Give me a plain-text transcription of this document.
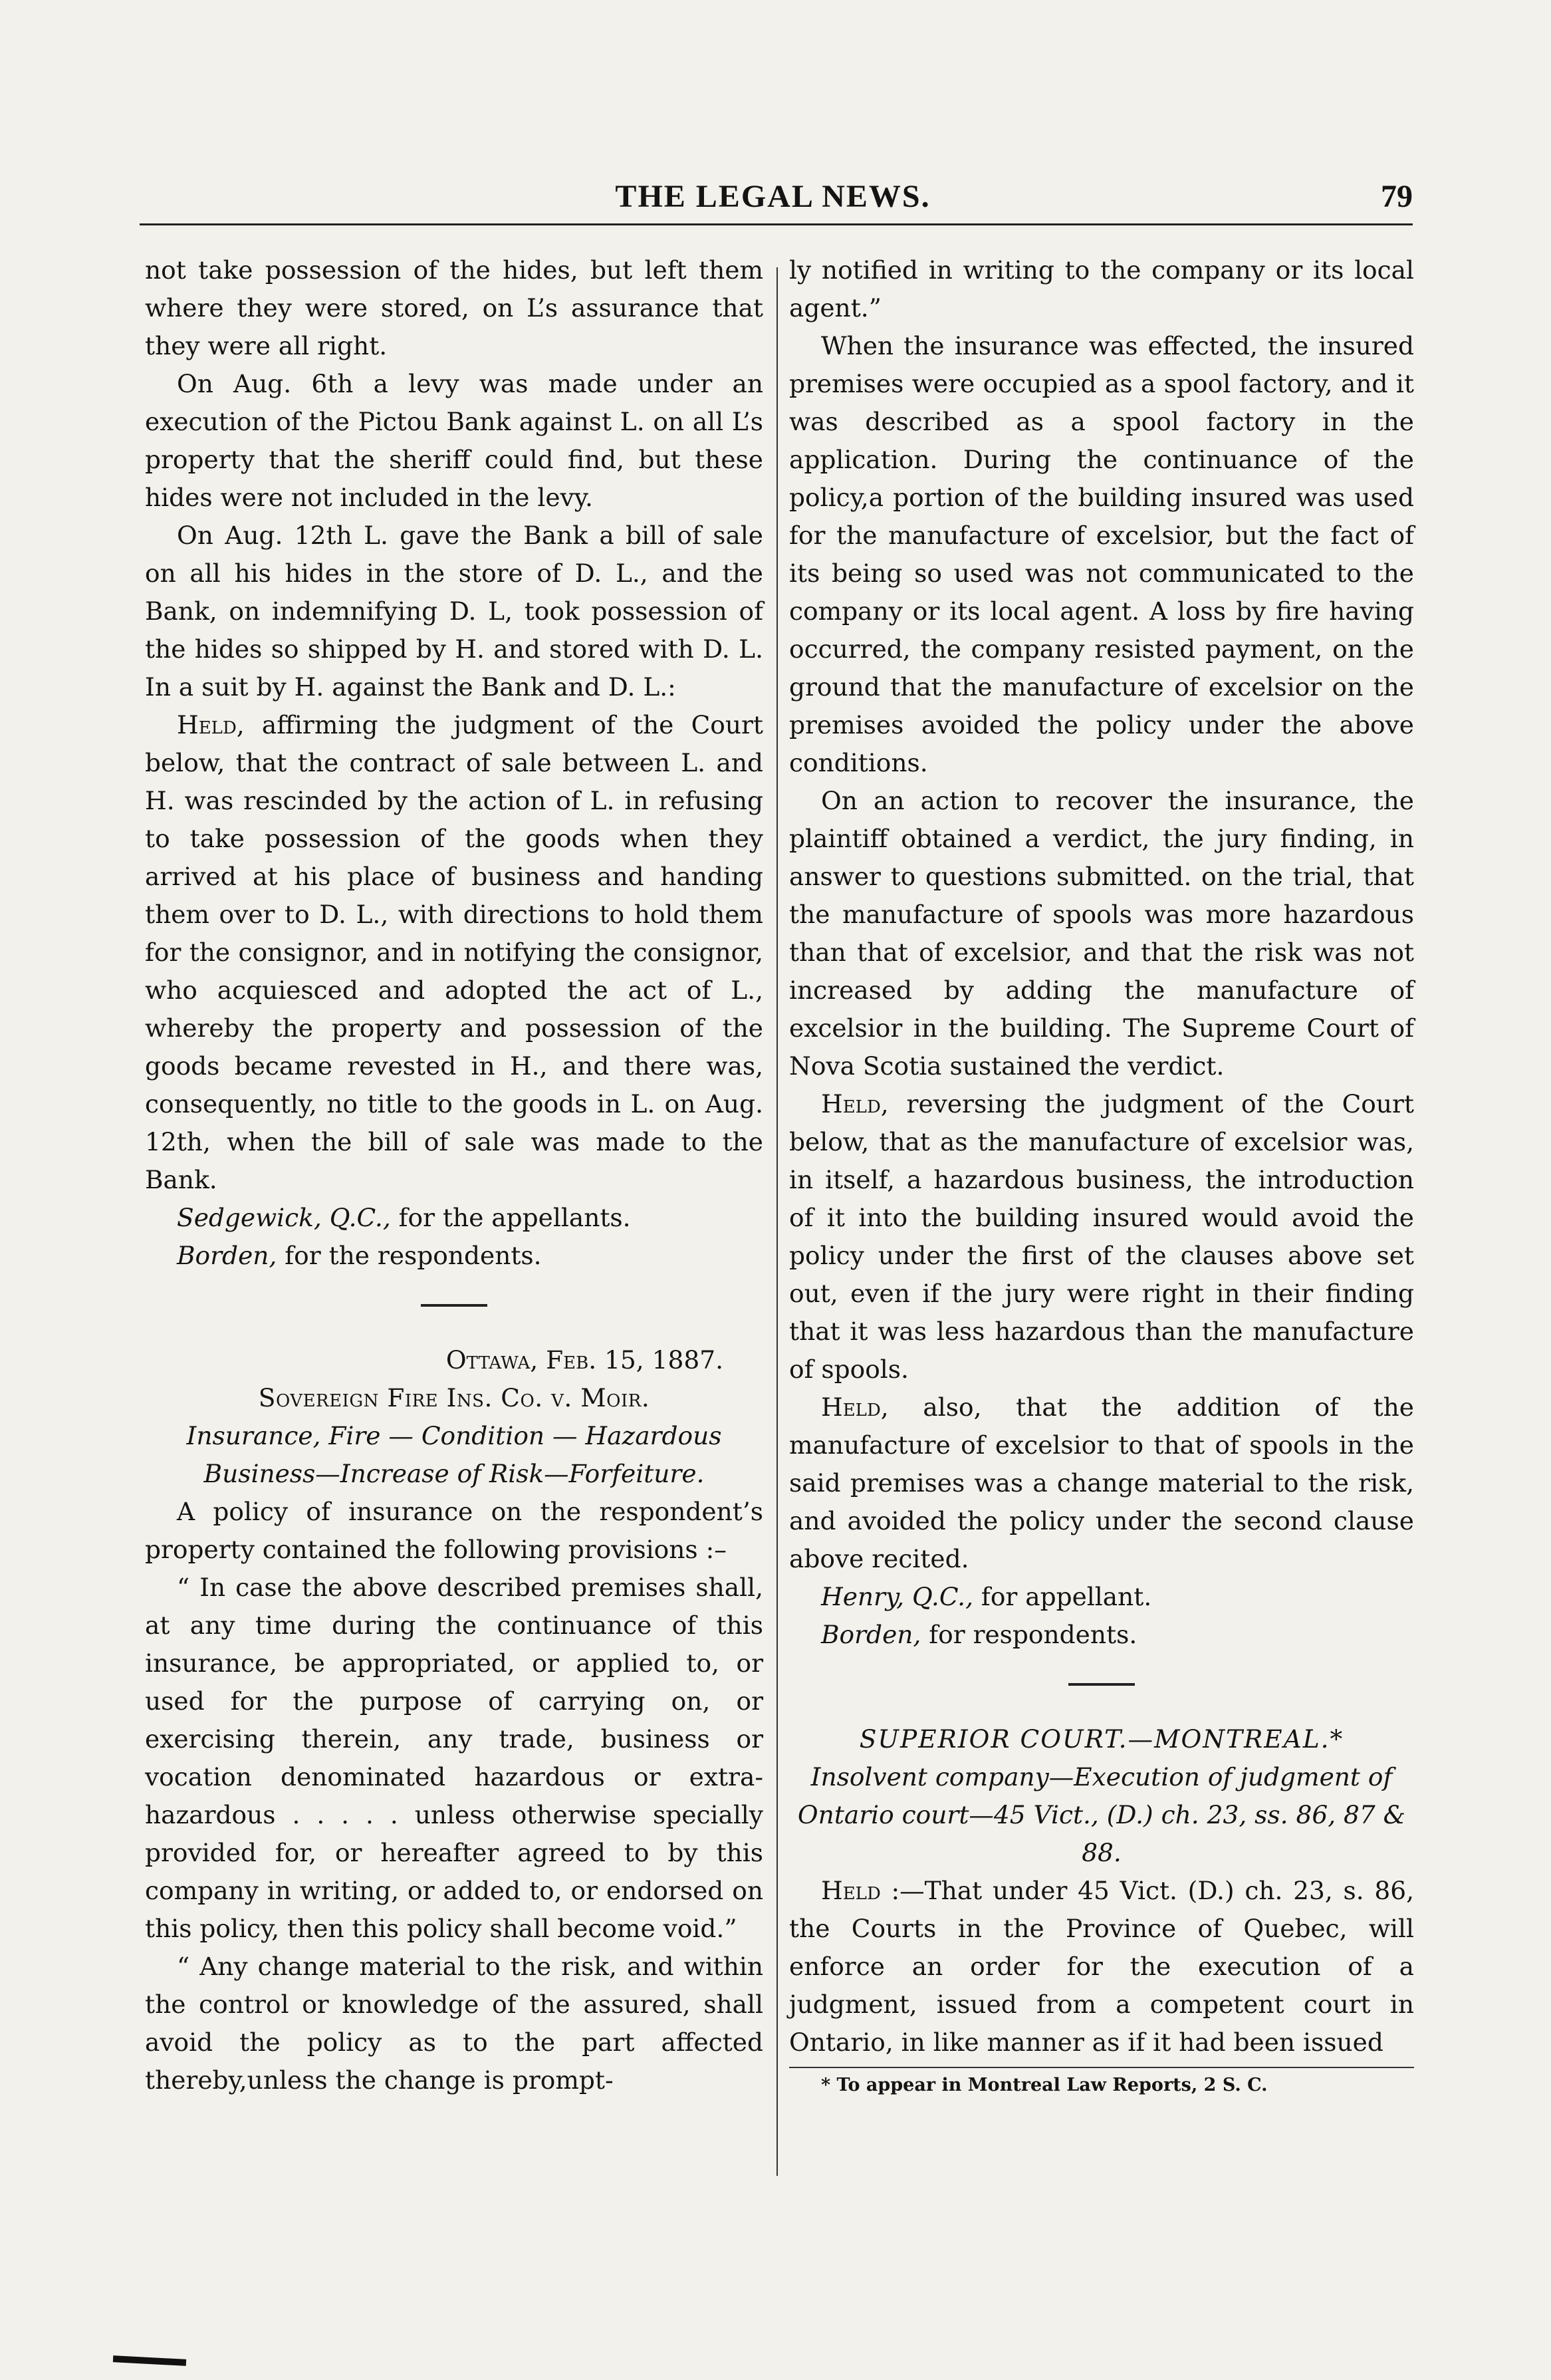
THE LEGAL NEWS.	79

not take possession of the hides, but left them where they were stored, on L’s assurance that they were all right.

On Aug. 6th a levy was made under an execution of the Pictou Bank against L. on all L’s property that the sheriff could find, but these hides were not included in the levy.

On Aug. 12th L. gave the Bank a bill of sale on all his hides in the store of D. L., and the Bank, on indemnifying D. L, took possession of the hides so shipped by H. and stored with D. L. In a suit by H. against the Bank and D. L.:

Held, affirming the judgment of the Court below, that the contract of sale between L. and H. was rescinded by the action of L. in refusing to take possession of the goods when they arrived at his place of business and handing them over to D. L., with directions to hold them for the consignor, and in notifying the consignor, who acquiesced and adopted the act of L., whereby the property and possession of the goods became revested in H., and there was, consequently, no title to the goods in L. on Aug. 12th, when the bill of sale was made to the Bank.

Sedgewick, Q.C., for the appellants.

Borden, for the respondents.

Ottawa, Feb. 15, 1887.

Sovereign Fire Ins. Co. v. Moir.

Insurance, Fire — Condition — Hazardous Business—Increase of Risk—Forfeiture.

A policy of insurance on the respondent’s property contained the following provisions :–

“ In case the above described premises shall, at any time during the continuance of this insurance, be appropriated, or applied to, or used for the purpose of carrying on, or exercising therein, any trade, business or vocation denominated hazardous or extra-hazardous . . . . . unless otherwise specially provided for, or hereafter agreed to by this company in writing, or added to, or endorsed on this policy, then this policy shall become void.”

“ Any change material to the risk, and within the control or knowledge of the assured, shall avoid the policy as to the part affected thereby,unless the change is prompt-

ly notified in writing to the company or its local agent.”

When the insurance was effected, the insured premises were occupied as a spool factory, and it was described as a spool factory in the application. During the continuance of the policy,a portion of the building insured was used for the manufacture of excelsior, but the fact of its being so used was not communicated to the company or its local agent. A loss by fire having occurred, the company resisted payment, on the ground that the manufacture of excelsior on the premises avoided the policy under the above conditions.

On an action to recover the insurance, the plaintiff obtained a verdict, the jury finding, in answer to questions submitted. on the trial, that the manufacture of spools was more hazardous than that of excelsior, and that the risk was not increased by adding the manufacture of excelsior in the building. The Supreme Court of Nova Scotia sustained the verdict.

Held, reversing the judgment of the Court below, that as the manufacture of excelsior was, in itself, a hazardous business, the introduction of it into the building insured would avoid the policy under the first of the clauses above set out, even if the jury were right in their finding that it was less hazardous than the manufacture of spools.

Held, also, that the addition of the manufacture of excelsior to that of spools in the said premises was a change material to the risk, and avoided the policy under the second clause above recited.

Henry, Q.C., for appellant.

Borden, for respondents.

SUPERIOR COURT.—MONTREAL.*

Insolvent company—Execution of judgment of Ontario court—45 Vict., (D.) ch. 23, ss. 86, 87 & 88.

Held :—That under 45 Vict. (D.) ch. 23, s. 86, the Courts in the Province of Quebec, will enforce an order for the execution of a judgment, issued from a competent court in Ontario, in like manner as if it had been issued

* To appear in Montreal Law Reports, 2 S. C.
